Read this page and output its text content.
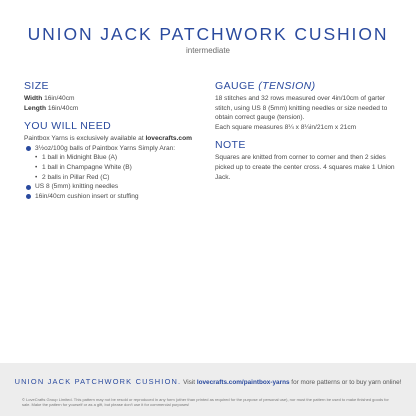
UNION JACK PATCHWORK CUSHION
intermediate
SIZE
Width 16in/40cm
Length 16in/40cm
YOU WILL NEED
Paintbox Yarns is exclusively available at lovecrafts.com
3½oz/100g balls of Paintbox Yarns Simply Aran:
• 1 ball in Midnight Blue (A)
• 1 ball in Champagne White (B)
• 2 balls in Pillar Red (C)
US 8 (5mm) knitting needles
16in/40cm cushion insert or stuffing
GAUGE (TENSION)
18 stitches and 32 rows measured over 4in/10cm of garter stitch, using US 8 (5mm) knitting needles or size needed to obtain correct gauge (tension).
Each square measures 8¼ x 8¼in/21cm x 21cm
NOTE
Squares are knitted from corner to corner and then 2 sides picked up to create the center cross. 4 squares make 1 Union Jack.
UNION JACK PATCHWORK CUSHION. Visit lovecrafts.com/paintbox-yarns for more patterns or to buy yarn online!
© LoveCrafts Group Limited. This pattern may not be resold or reproduced in any form (other than printed as required for the purpose of personal use), nor must the pattern be used to make finished goods for sale. Make the pattern for yourself or as a gift, but please don't use it for commercial purposes!
